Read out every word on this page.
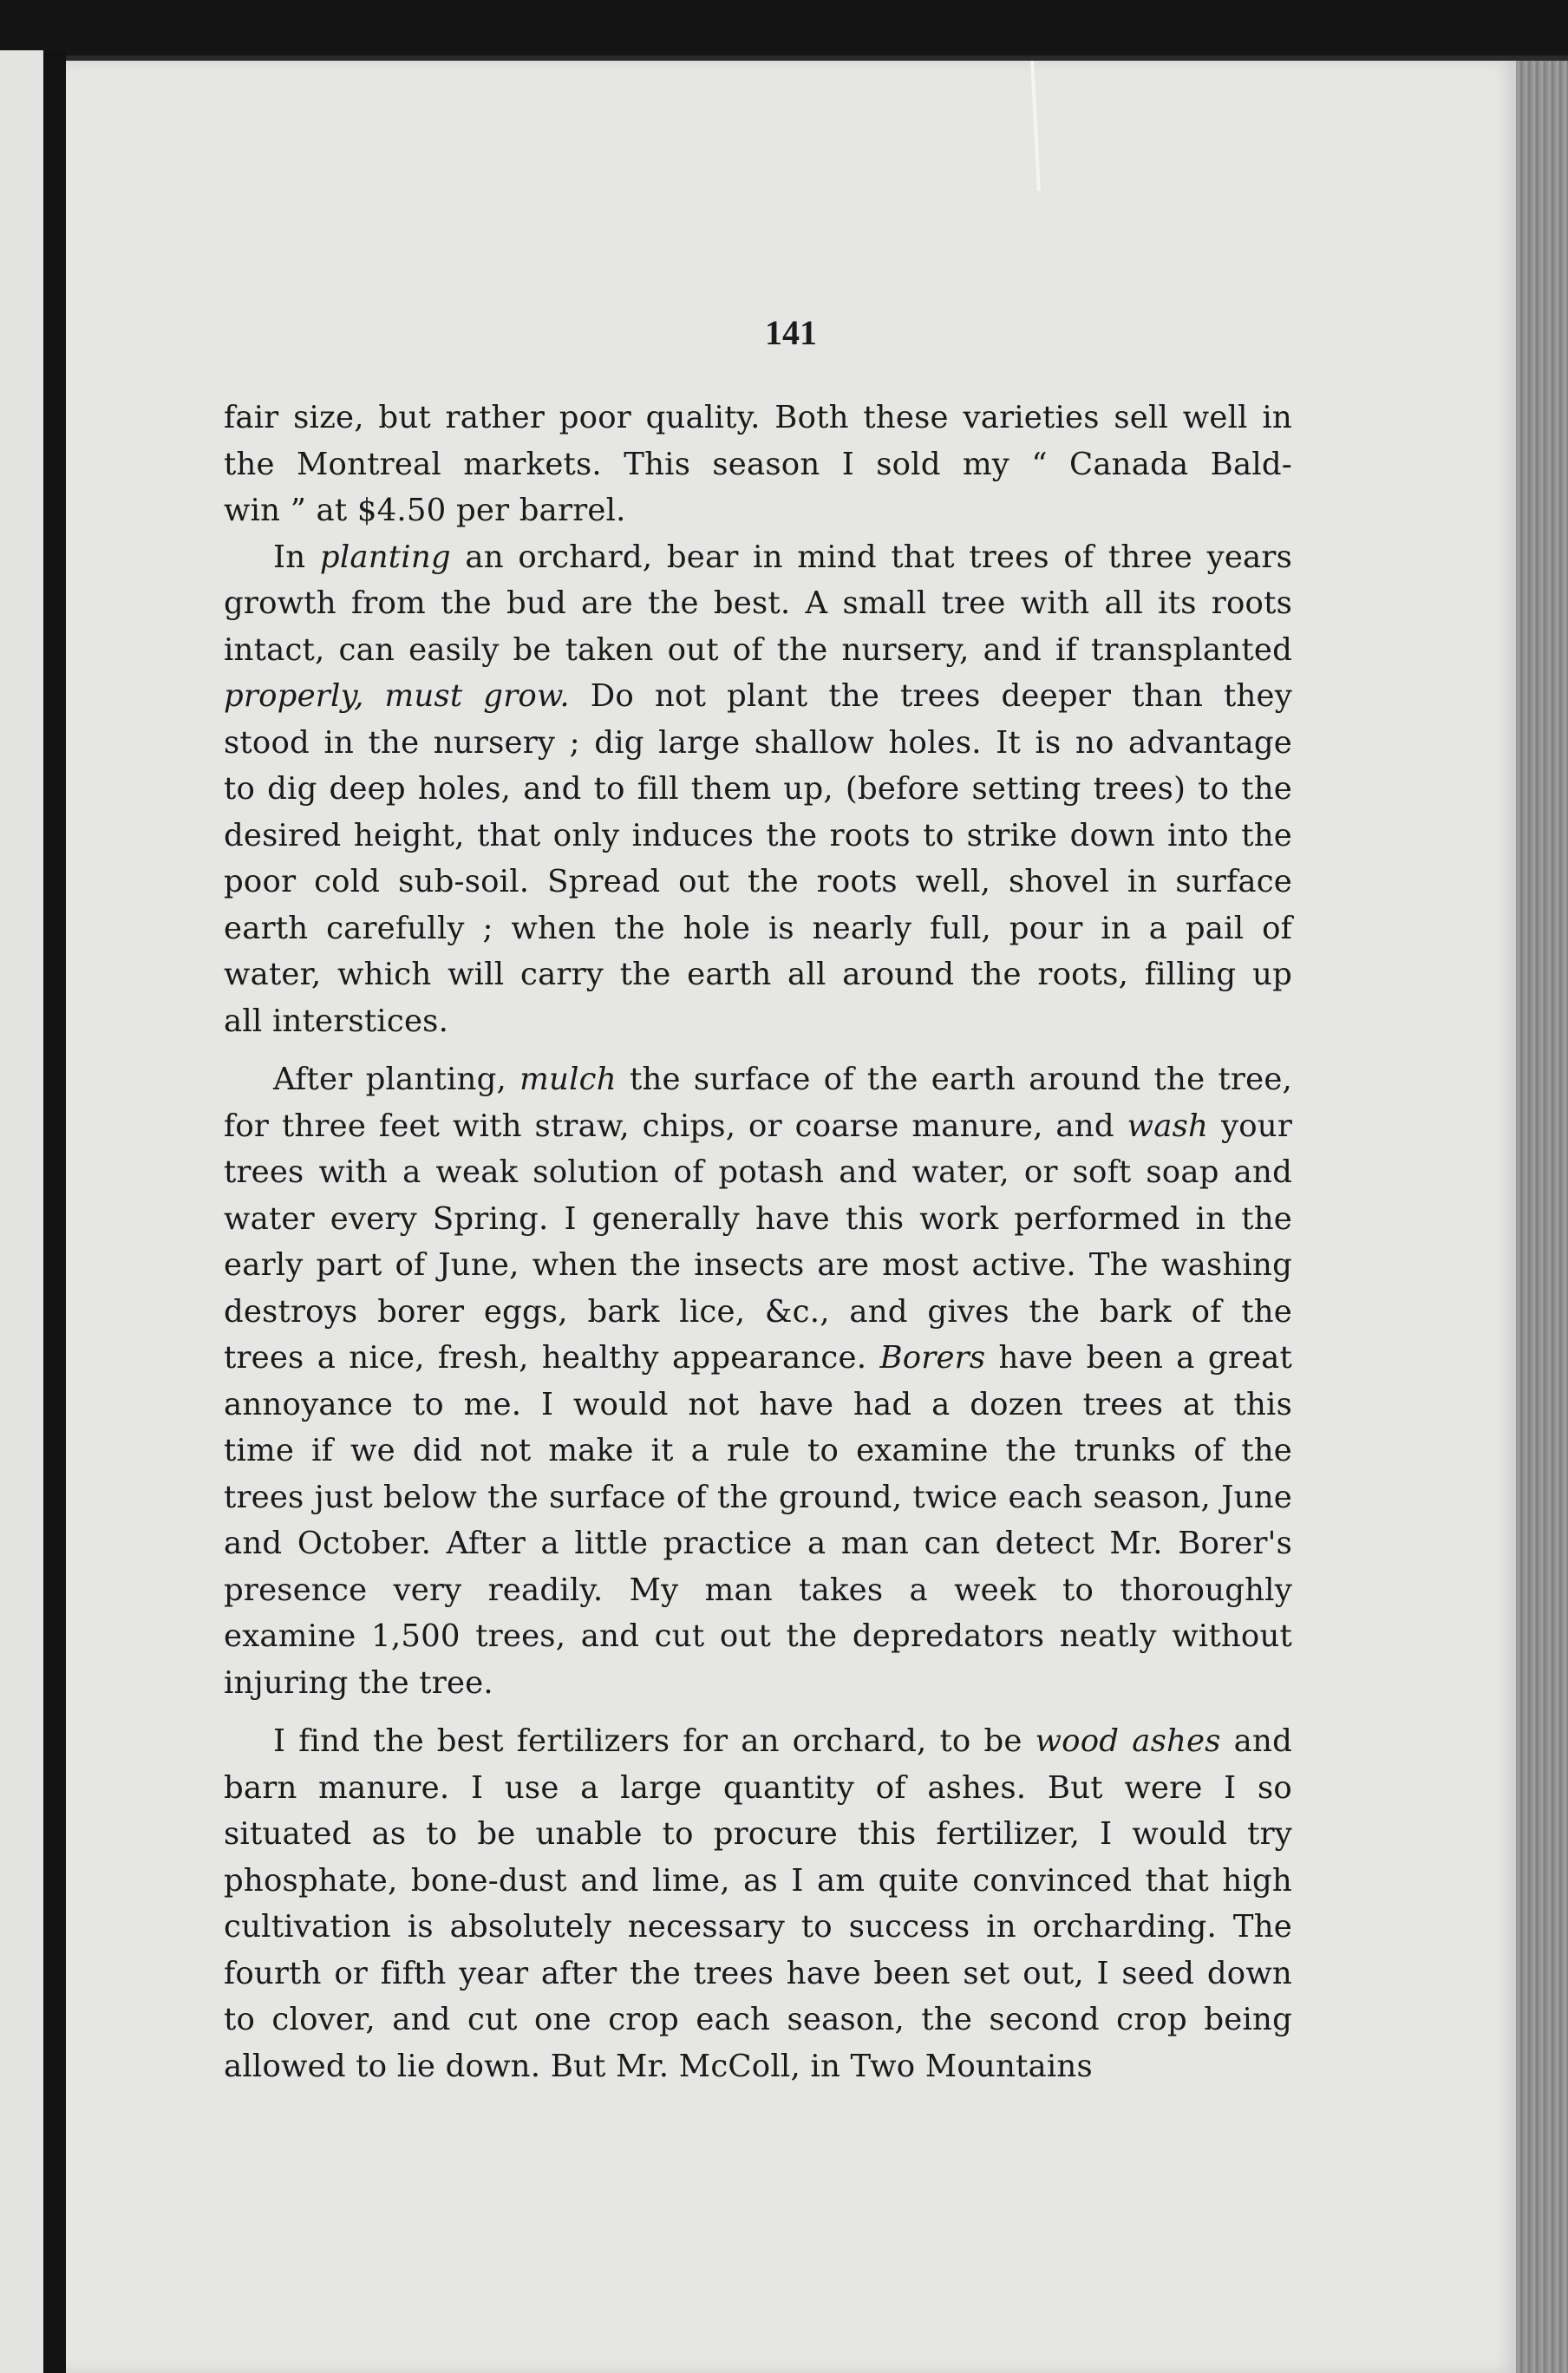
141

fair size, but rather poor quality. Both these varieties sell well in

the Montreal markets. This season I sold my “ Canada Bald-

win ” at $4.50 per barrel.

In planting an orchard, bear in mind that trees of three years

growth from the bud are the best. A small tree with all its roots

intact, can easily be taken out of the nursery, and if transplanted

properly, must grow. Do not plant the trees deeper than they

stood in the nursery ; dig large shallow holes. It is no advantage

to dig deep holes, and to fill them up, (before setting trees) to the

desired height, that only induces the roots to strike down into the

poor cold sub-soil. Spread out the roots well, shovel in surface

earth carefully ; when the hole is nearly full, pour in a pail of

water, which will carry the earth all around the roots, filling up

all interstices.

After planting, mulch the surface of the earth around the tree,

for three feet with straw, chips, or coarse manure, and wash your

trees with a weak solution of potash and water, or soft soap and

water every Spring. I generally have this work performed in the

early part of June, when the insects are most active. The washing

destroys borer eggs, bark lice, &c., and gives the bark of the

trees a nice, fresh, healthy appearance. Borers have been a great

annoyance to me. I would not have had a dozen trees at this

time if we did not make it a rule to examine the trunks of the

trees just below the surface of the ground, twice each season, June

and October. After a little practice a man can detect Mr. Borer's

presence very readily. My man takes a week to thoroughly

examine 1,500 trees, and cut out the depredators neatly without

injuring the tree.

I find the best fertilizers for an orchard, to be wood ashes and

barn manure. I use a large quantity of ashes. But were I so

situated as to be unable to procure this fertilizer, I would try

phosphate, bone-dust and lime, as I am quite convinced that high

cultivation is absolutely necessary to success in orcharding. The

fourth or fifth year after the trees have been set out, I seed down

to clover, and cut one crop each season, the second crop being

allowed to lie down. But Mr. McColl, in Two Mountains
